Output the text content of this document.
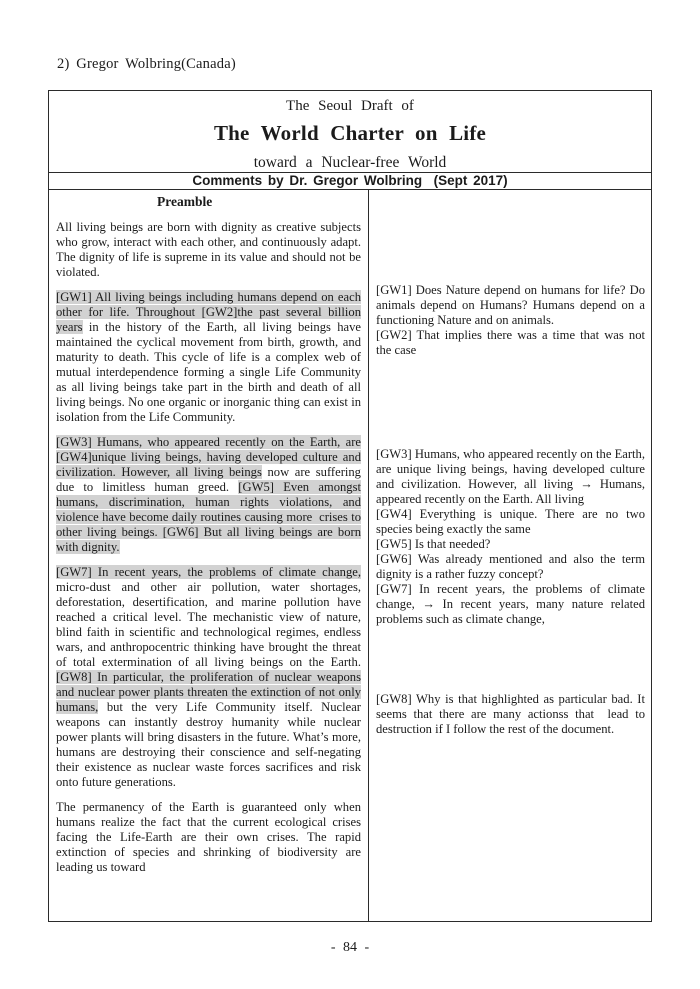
2) Gregor Wolbring(Canada)
The Seoul Draft of
The World Charter on Life
toward a Nuclear-free World
Comments by Dr. Gregor Wolbring  (Sept 2017)
Preamble

All living beings are born with dignity as creative subjects who grow, interact with each other, and continuously adapt. The dignity of life is supreme in its value and should not be violated.

[GW1] All living beings including humans depend on each other for life. Throughout [GW2]the past several billion years in the history of the Earth, all living beings have maintained the cyclical movement from birth, growth, and maturity to death. This cycle of life is a complex web of mutual interdependence forming a single Life Community as all living beings take part in the birth and death of all living beings. No one organic or inorganic thing can exist in isolation from the Life Community.

[GW3] Humans, who appeared recently on the Earth, are [GW4]unique living beings, having developed culture and civilization. However, all living beings now are suffering due to limitless human greed. [GW5] Even amongst humans, discrimination, human rights violations, and violence have become daily routines causing more  crises to other living beings. [GW6] But all living beings are born with dignity.

[GW7] In recent years, the problems of climate change, micro-dust and other air pollution, water shortages, deforestation, desertification, and marine pollution have reached a critical level. The mechanistic view of nature, blind faith in scientific and technological regimes, endless wars, and anthropocentric thinking have brought the threat of total extermination of all living beings on the Earth. [GW8] In particular, the proliferation of nuclear weapons and nuclear power plants threaten the extinction of not only humans, but the very Life Community itself. Nuclear weapons can instantly destroy humanity while nuclear power plants will bring disasters in the future. What’s more, humans are destroying their conscience and self-negating their existence as nuclear waste forces sacrifices and risk onto future generations.

The permanency of the Earth is guaranteed only when humans realize the fact that the current ecological crises facing the Life-Earth are their own crises. The rapid extinction of species and shrinking of biodiversity are leading us toward

[GW1] Does Nature depend on humans for life? Do animals depend on Humans? Humans depend on a functioning Nature and on animals.

[GW2] That implies there was a time that was not the case

[GW3] Humans, who appeared recently on the Earth, are unique living beings, having developed culture and civilization. However, all living → Humans, appeared recently on the Earth. All living

[GW4] Everything is unique. There are no two species being exactly the same

[GW5] Is that needed?

[GW6] Was already mentioned and also the term dignity is a rather fuzzy concept?

[GW7] In recent years, the problems of climate change, → In recent years, many nature related problems such as climate change,

[GW8] Why is that highlighted as particular bad. It seems that there are many actionss that  lead to destruction if I follow the rest of the document.

- 84 -
